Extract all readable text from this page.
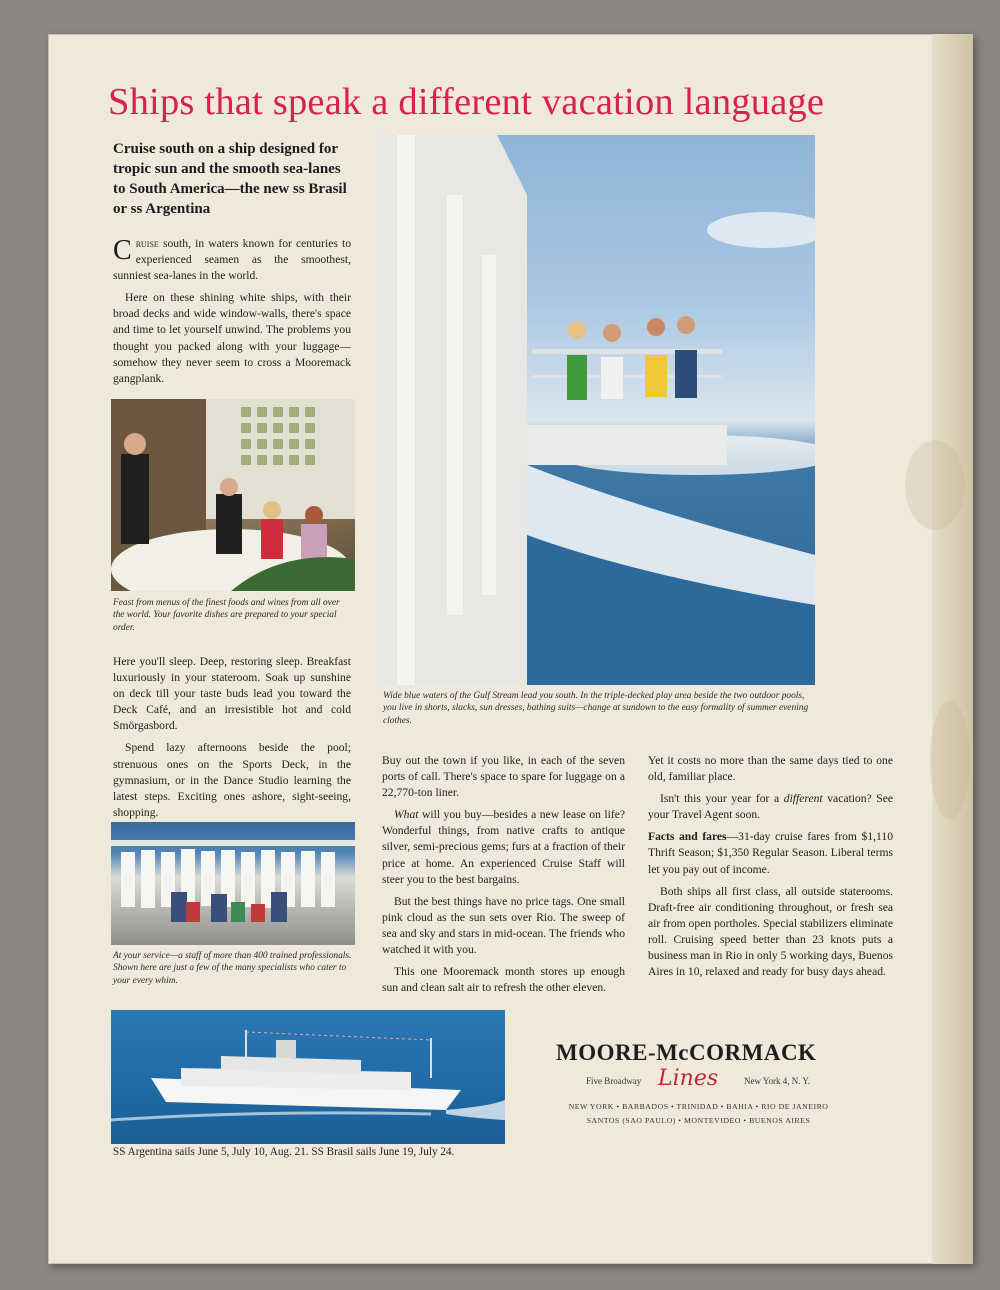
Ships that speak a different vacation language
Cruise south on a ship designed for tropic sun and the smooth sea-lanes to South America—the new ss Brasil or ss Argentina

Cruise south, in waters known for centuries to experienced seamen as the smoothest, sunniest sea-lanes in the world.

Here on these shining white ships, with their broad decks and wide window-walls, there's space and time to let yourself unwind. The problems you thought you packed along with your luggage—somehow they never seem to cross a Mooremack gangplank.

Feast from menus of the finest foods and wines from all over the world. Your favorite dishes are prepared to your special order.

Here you'll sleep. Deep, restoring sleep. Breakfast luxuriously in your stateroom. Soak up sunshine on deck till your taste buds lead you toward the Deck Café, and an irresistible hot and cold Smörgasbord.

Spend lazy afternoons beside the pool; strenuous ones on the Sports Deck, in the gymnasium, or in the Dance Studio learning the latest steps. Exciting ones ashore, sight-seeing, shopping.

Wide blue waters of the Gulf Stream lead you south. In the triple-decked play area beside the two outdoor pools, you live in shorts, slacks, sun dresses, bathing suits—change at sundown to the easy formality of summer evening clothes.
At your service—a staff of more than 400 trained professionals. Shown here are just a few of the many specialists who cater to your every whim.

Buy out the town if you like, in each of the seven ports of call. There's space to spare for luggage on a 22,770-ton liner.

What will you buy—besides a new lease on life? Wonderful things, from native crafts to antique silver, semi-precious gems; furs at a fraction of their price at home. An experienced Cruise Staff will steer you to the best bargains.

But the best things have no price tags. One small pink cloud as the sun sets over Rio. The sweep of sea and sky and stars in mid-ocean. The friends who watched it with you.

This one Mooremack month stores up enough sun and clean salt air to refresh the other eleven.

Yet it costs no more than the same days tied to one old, familiar place.

Isn't this your year for a different vacation? See your Travel Agent soon.

Facts and fares—31-day cruise fares from $1,110 Thrift Season; $1,350 Regular Season. Liberal terms let you pay out of income.

Both ships all first class, all outside staterooms. Draft-free air conditioning throughout, or fresh sea air from open portholes. Special stabilizers eliminate roll. Cruising speed better than 23 knots puts a business man in Rio in only 5 working days, Buenos Aires in 10, relaxed and ready for busy days ahead.

SS Argentina sails June 5, July 10, Aug. 21. SS Brasil sails June 19, July 24.
MOORE-McCORMACK
Five Broadway Lines	New York 4, N. Y.
NEW YORK • BARBADOS • TRINIDAD • BAHIA • RIO DE JANEIRO
SANTOS (SAO PAULO) • MONTEVIDEO • BUENOS AIRES
